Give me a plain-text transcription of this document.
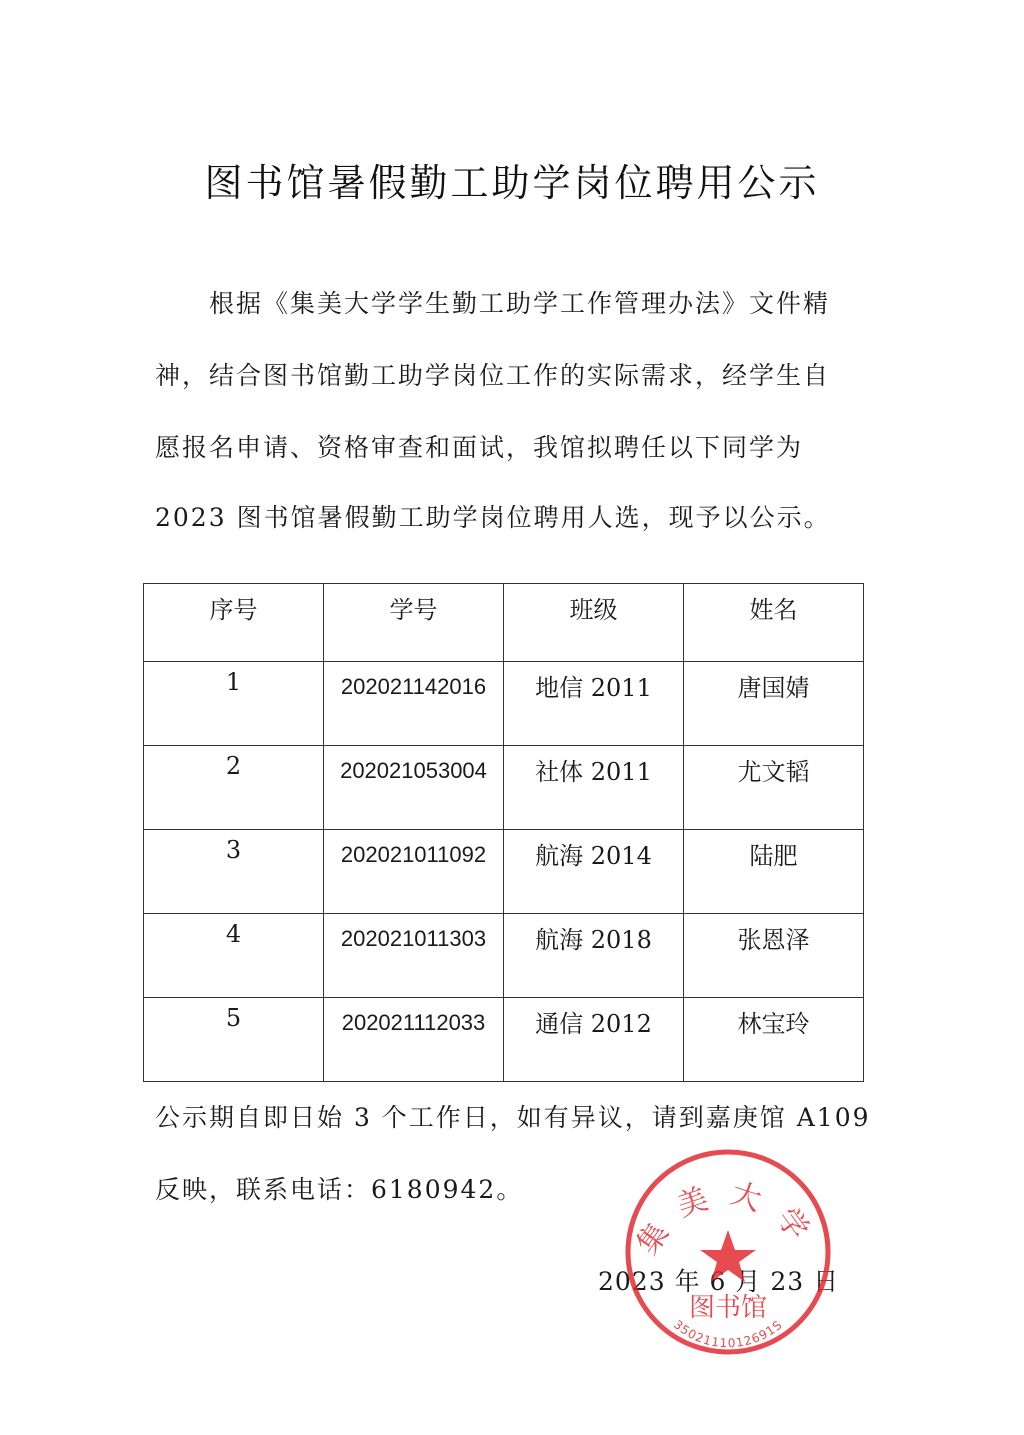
图书馆暑假勤工助学岗位聘用公示
　　根据《集美大学学生勤工助学工作管理办法》文件精
神，结合图书馆勤工助学岗位工作的实际需求，经学生自
愿报名申请、资格审查和面试，我馆拟聘任以下同学为
2023 图书馆暑假勤工助学岗位聘用人选，现予以公示。
序号	学号	班级	姓名
1	202021142016	地信 2011	唐国婧
2	202021053004	社体 2011	尤文韬
3	202021011092	航海 2014	陆肥
4	202021011303	航海 2018	张恩泽
5	202021112033	通信 2012	林宝玲
公示期自即日始 3 个工作日，如有异议，请到嘉庚馆 A109
反映，联系电话：6180942。
2023 年 6 月 23 日
集美大学
图书馆
3502111012691S
